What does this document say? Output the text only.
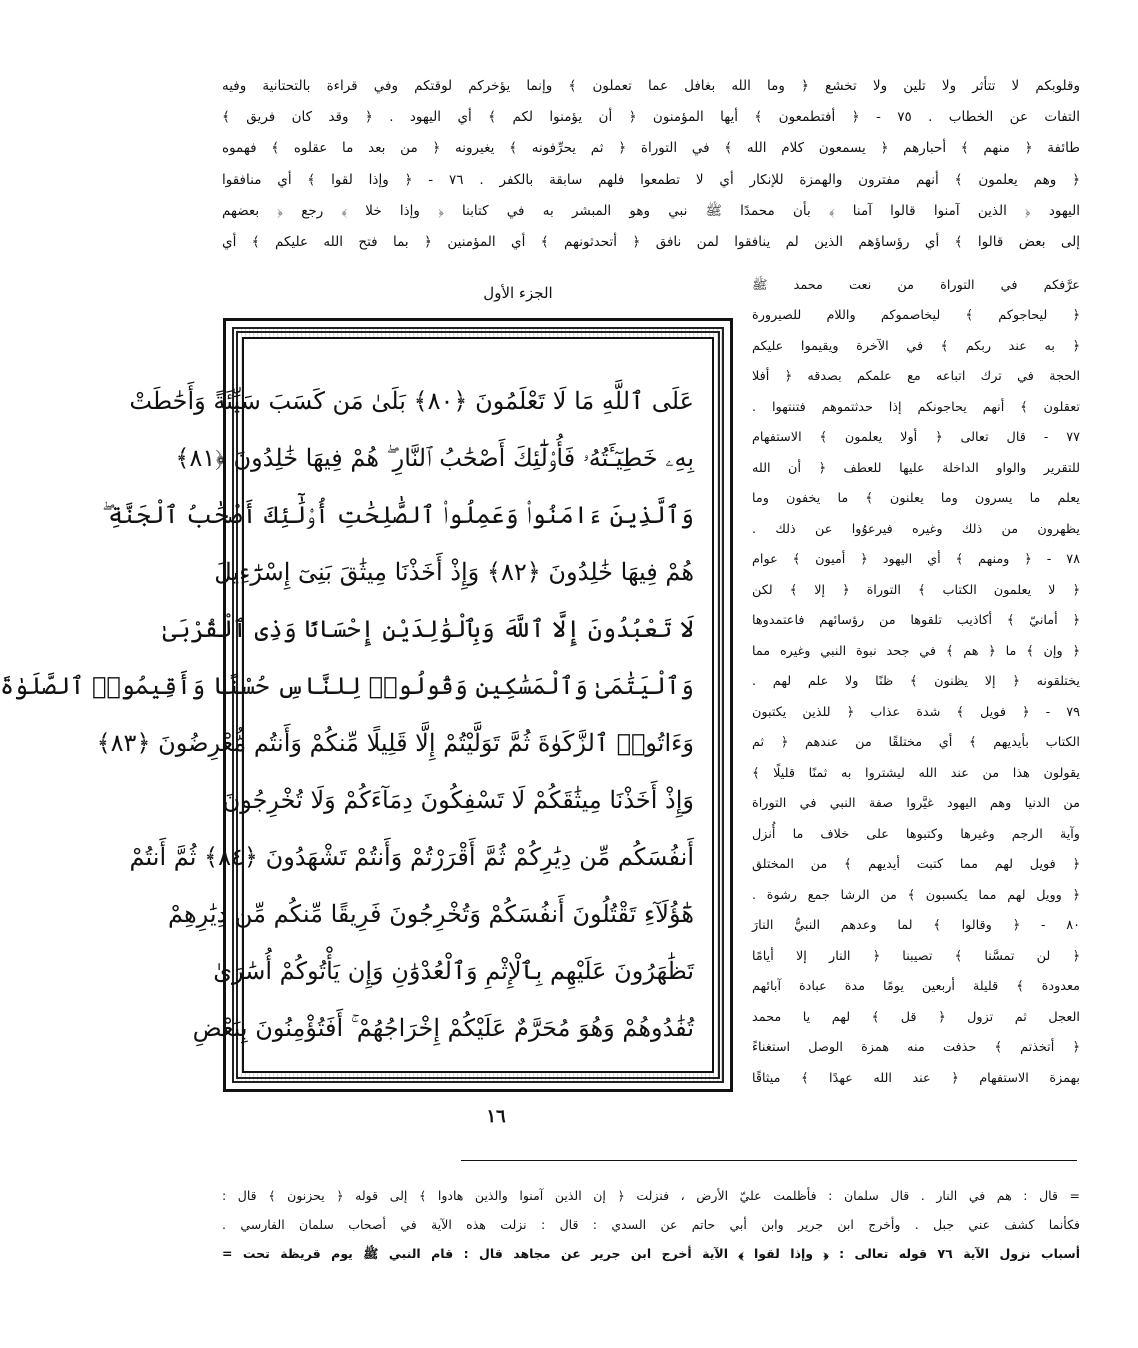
وقلوبكم لا تتأثر ولا تلين ولا تخشع ﴿ وما الله بغافل عما تعملون ﴾ وإنما يؤخركم لوقتكم وفي قراءة بالتحتانية وفيه
التفات عن الخطاب . ٧٥ - ﴿ أفتطمعون ﴾ أيها المؤمنون ﴿ أن يؤمنوا لكم ﴾ أي اليهود . ﴿ وقد كان فريق ﴾
طائفة ﴿ منهم ﴾ أحبارهم ﴿ يسمعون كلام الله ﴾ في التوراة ﴿ ثم يحرِّفونه ﴾ يغيرونه ﴿ من بعد ما عقلوه ﴾ فهموه
﴿ وهم يعلمون ﴾ أنهم مفترون والهمزة للإنكار أي لا تطمعوا فلهم سابقة بالكفر . ٧٦ - ﴿ وإذا لقوا ﴾ أي منافقوا
اليهود ﴿ الذين آمنوا قالوا آمنا ﴾ بأن محمدًا ﷺ نبي وهو المبشر به في كتابنا ﴿ وإذا خلا ﴾ رجع ﴿ بعضهم
إلى بعض قالوا ﴾ أي رؤساؤهم الذين لم ينافقوا لمن نافق ﴿ أتحدثونهم ﴾ أي المؤمنين ﴿ بما فتح الله عليكم ﴾ أي
الجزء الأول	عرَّفكم في التوراة من نعت محمد ﷺ
﴿ ليحاجوكم ﴾ ليخاصموكم واللام للصيرورة
﴿ به عند ربكم ﴾ في الآخرة ويقيموا عليكم
الحجة في ترك اتباعه مع علمكم بصدقه ﴿ أفلا
تعقلون ﴾ أنهم يحاجونكم إذا حدثتموهم فتنتهوا .
٧٧ - قال تعالى ﴿ أولا يعلمون ﴾ الاستفهام
للتقرير والواو الداخلة عليها للعطف ﴿ أن الله
يعلم ما يسرون وما يعلنون ﴾ ما يخفون وما
يظهرون من ذلك وغيره فيرعوُوا عن ذلك .
٧٨ - ﴿ ومنهم ﴾ أي اليهود ﴿ أميون ﴾ عوام
﴿ لا يعلمون الكتاب ﴾ التوراة ﴿ إلا ﴾ لكن
﴿ أمانيّ ﴾ أكاذيب تلقوها من رؤسائهم فاعتمدوها
﴿ وإن ﴾ ما ﴿ هم ﴾ في جحد نبوة النبي وغيره مما
يختلقونه ﴿ إلا يظنون ﴾ ظنًا ولا علم لهم .
٧٩ - ﴿ فويل ﴾ شدة عذاب ﴿ للذين يكتبون
الكتاب بأيديهم ﴾ أي مختلقًا من عندهم ﴿ ثم
يقولون هذا من عند الله ليشتروا به ثمنًا قليلًا ﴾
من الدنيا وهم اليهود غيَّروا صفة النبي في التوراة
وآية الرجم وغيرها وكتبوها على خلاف ما أُنزل
﴿ فويل لهم مما كتبت أيديهم ﴾ من المختلق
﴿ وويل لهم مما يكسبون ﴾ من الرشا جمع رشوة .
٨٠ - ﴿ وقالوا ﴾ لما وعدهم النبيُّ النارَ
﴿ لن تمسَّنا ﴾ تصيبنا ﴿ النار إلا أيامًا
معدودة ﴾ قليلة أربعين يومًا مدة عبادة آبائهم
العجل ثم تزول ﴿ قل ﴾ لهم يا محمد
﴿ أتخذتم ﴾ حذفت منه همزة الوصل استغناءً
بهمزة الاستفهام ﴿ عند الله عهدًا ﴾ ميثاقًا
عَلَى ٱللَّهِ مَا لَا تَعْلَمُونَ ﴿٨٠﴾ بَلَىٰ مَن كَسَبَ سَيِّئَةً وَأَحَٰطَتْ
بِهِۦ خَطِيٓـَٔتُهُۥ فَأُو۟لَٰٓئِكَ أَصْحَٰبُ ٱلنَّارِ ۖ هُمْ فِيهَا خَٰلِدُونَ ﴿٨١﴾
وَٱلَّذِينَ ءَامَنُوا۟ وَعَمِلُوا۟ ٱلصَّٰلِحَٰتِ أُو۟لَٰٓئِكَ أَصْحَٰبُ ٱلْجَنَّةِ ۖ
هُمْ فِيهَا خَٰلِدُونَ ﴿٨٢﴾ وَإِذْ أَخَذْنَا مِيثَٰقَ بَنِىٓ إِسْرَٰٓءِيلَ
لَا تَعْبُدُونَ إِلَّا ٱللَّهَ وَبِٱلْوَٰلِدَيْنِ إِحْسَانًا وَذِى ٱلْقُرْبَىٰ
وَٱلْيَتَٰمَىٰ وَٱلْمَسَٰكِينِ وَقُولُوا۟ لِلنَّاسِ حُسْنًا وَأَقِيمُوا۟ ٱلصَّلَوٰةَ
وَءَاتُوا۟ ٱلزَّكَوٰةَ ثُمَّ تَوَلَّيْتُمْ إِلَّا قَلِيلًا مِّنكُمْ وَأَنتُم مُّعْرِضُونَ ﴿٨٣﴾
وَإِذْ أَخَذْنَا مِيثَٰقَكُمْ لَا تَسْفِكُونَ دِمَآءَكُمْ وَلَا تُخْرِجُونَ
أَنفُسَكُم مِّن دِيَٰرِكُمْ ثُمَّ أَقْرَرْتُمْ وَأَنتُمْ تَشْهَدُونَ ﴿٨٤﴾ ثُمَّ أَنتُمْ
هَٰٓؤُلَآءِ تَقْتُلُونَ أَنفُسَكُمْ وَتُخْرِجُونَ فَرِيقًا مِّنكُم مِّن دِيَٰرِهِمْ
تَظَٰهَرُونَ عَلَيْهِم بِٱلْإِثْمِ وَٱلْعُدْوَٰنِ وَإِن يَأْتُوكُمْ أُسَٰرَىٰ
تُفَٰدُوهُمْ وَهُوَ مُحَرَّمٌ عَلَيْكُمْ إِخْرَاجُهُمْ ۚ أَفَتُؤْمِنُونَ بِبَعْضِ
١٦
= قال : هم في النار . قال سلمان : فأظلمت عليّ الأرض ، فنزلت ﴿ إن الذين آمنوا والذين هادوا ﴾ إلى قوله ﴿ يحزنون ﴾ قال :
فكأنما كشف عني جبل . وأخرج ابن جرير وابن أبي حاتم عن السدي : قال : نزلت هذه الآية في أصحاب سلمان الفارسي .
أسباب نزول الآية ٧٦ قوله تعالى : ﴿ وإذا لقوا ﴾ الآية أخرج ابن جرير عن مجاهد قال : قام النبي ﷺ يوم قريظة تحت =
